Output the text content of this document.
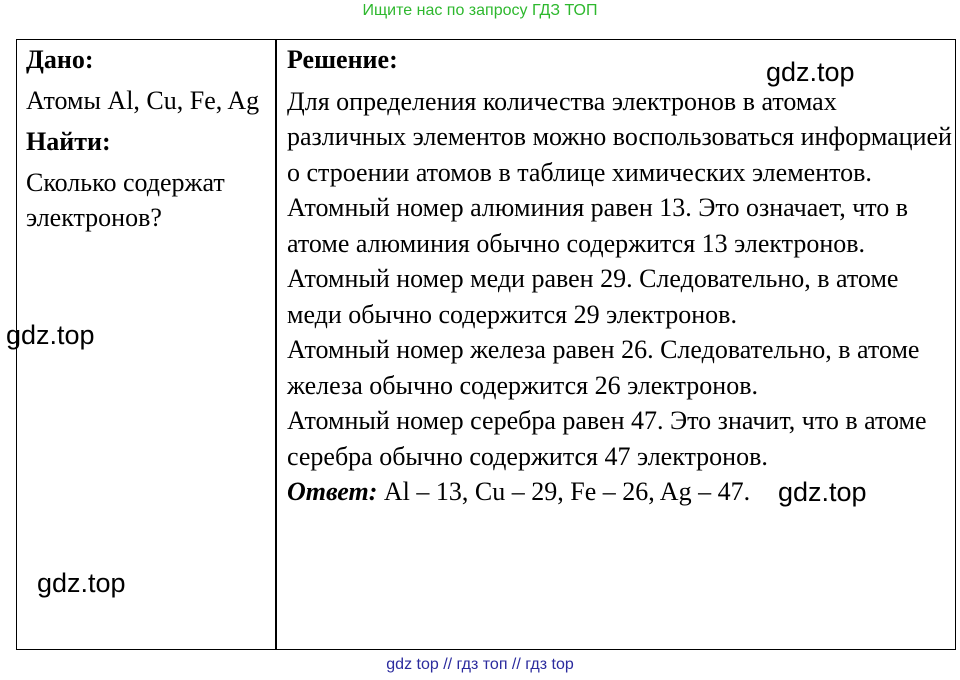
Ищите нас по запросу ГДЗ ТОП

Дано:

Атомы Al, Cu, Fe, Ag

Найти:

Сколько содержат электронов?

Решение:

Для определения количества электронов в атомах различных элементов можно воспользоваться информацией о строении атомов в таблице химических элементов.

Атомный номер алюминия равен 13. Это означает, что в атоме алюминия обычно содержится 13 электронов.

Атомный номер меди равен 29. Следовательно, в атоме меди обычно содержится 29 электронов.

Атомный номер железа равен 26. Следовательно, в атоме железа обычно содержится 26 электронов.

Атомный номер серебра равен 47. Это значит, что в атоме серебра обычно содержится 47 электронов.

Ответ: Al – 13, Cu – 29, Fe – 26, Ag – 47.

gdz.top
gdz.top
gdz.top
gdz.top
gdz top // гдз топ // гдз top
